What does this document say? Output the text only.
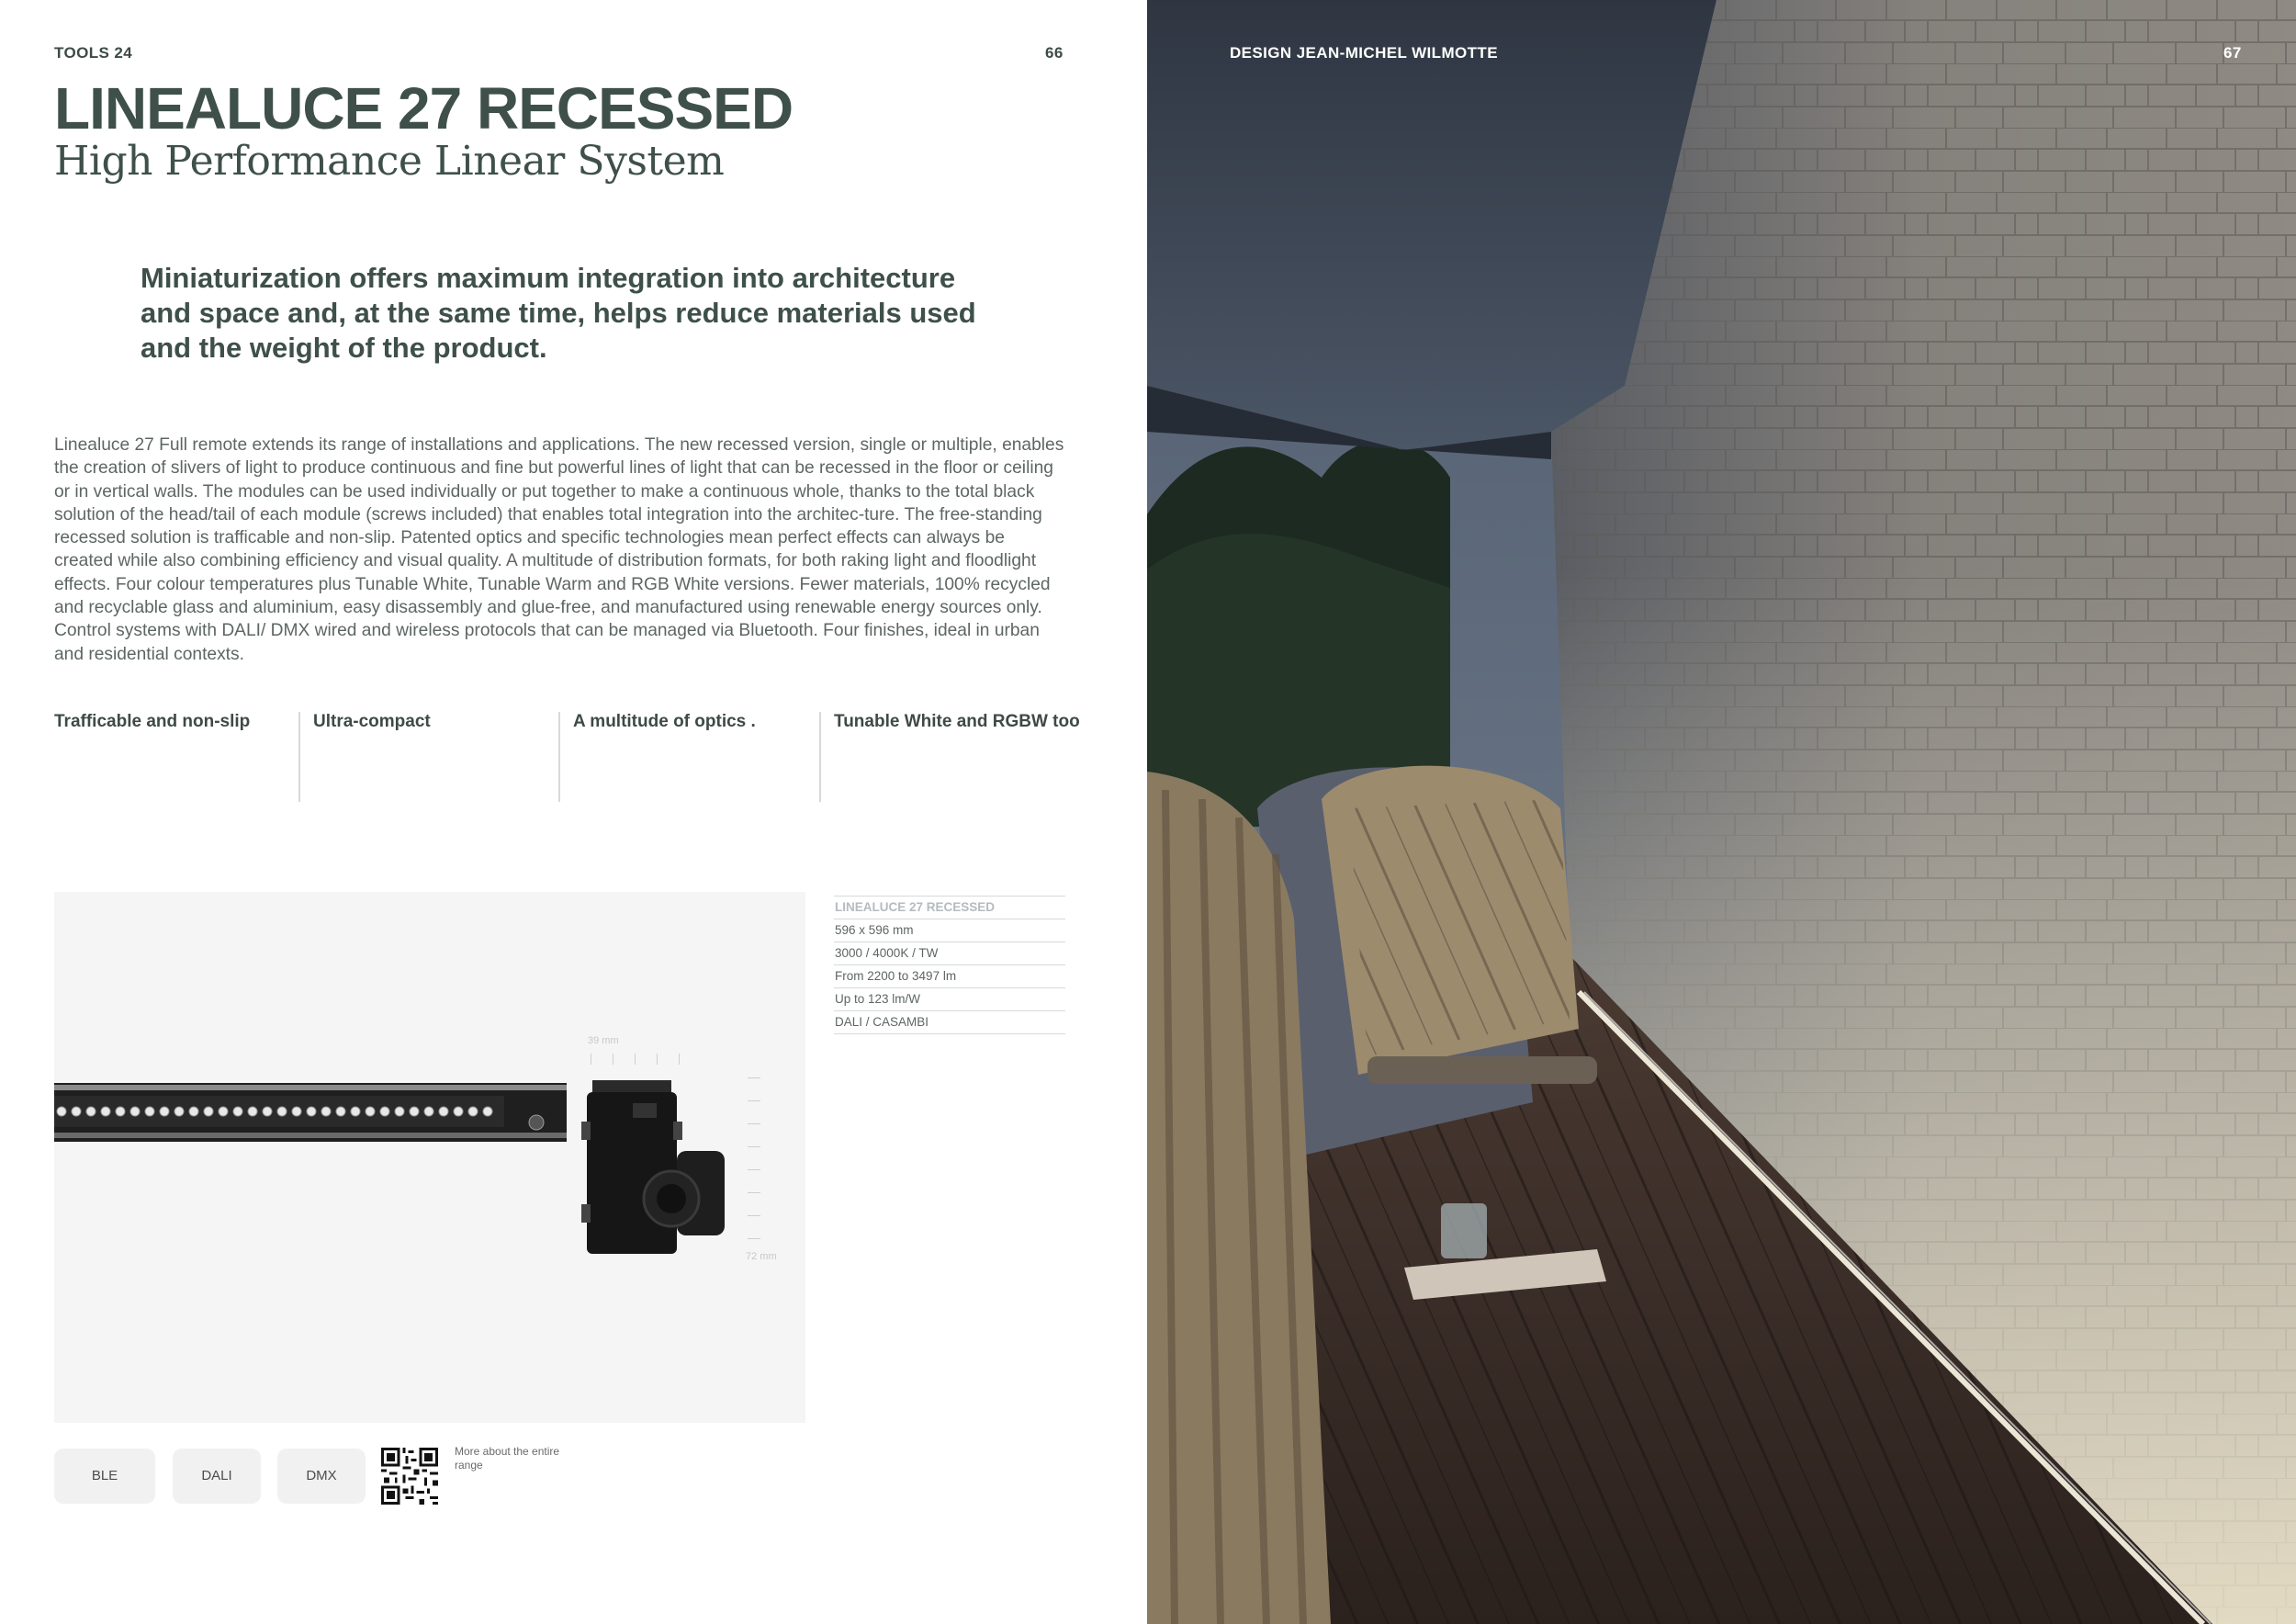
TOOLS 24	66
LINEALUCE 27 RECESSED
High Performance Linear System
Miniaturization offers maximum integration into architecture and space and, at the same time, helps reduce materials used and the weight of the product.
Linealuce 27 Full remote extends its range of installations and applications. The new recessed version, single or multiple, enables the creation of slivers of light to produce continuous and fine but powerful lines of light that can be recessed in the floor or ceiling or in vertical walls. The modules can be used individually or put together to make a continuous whole, thanks to the total black solution of the head/tail of each module (screws included) that enables total integration into the architec-ture. The free-standing recessed solution is trafficable and non-slip. Patented optics and specific technologies mean perfect effects can always be created while also combining efficiency and visual quality. A multitude of distribution formats, for both raking light and floodlight effects. Four colour temperatures plus Tunable White, Tunable Warm and RGB White versions. Fewer materials, 100% recycled and recyclable glass and aluminium, easy disassembly and glue-free, and manufactured using renewable energy sources only. Control systems with DALI/ DMX wired and wireless protocols that can be managed via Bluetooth. Four finishes, ideal in urban and residential contexts.
Trafficable and non-slip	Ultra-compact	A multitude of optics .	Tunable White and RGBW too
39 mm
72 mm
LINEALUCE 27 RECESSED
596 x 596 mm
3000 / 4000K / TW
From 2200 to 3497 lm
Up to 123 lm/W
DALI / CASAMBI
BLE	DALI	DMX
More about the entire range
DESIGN JEAN-MICHEL WILMOTTE	67
